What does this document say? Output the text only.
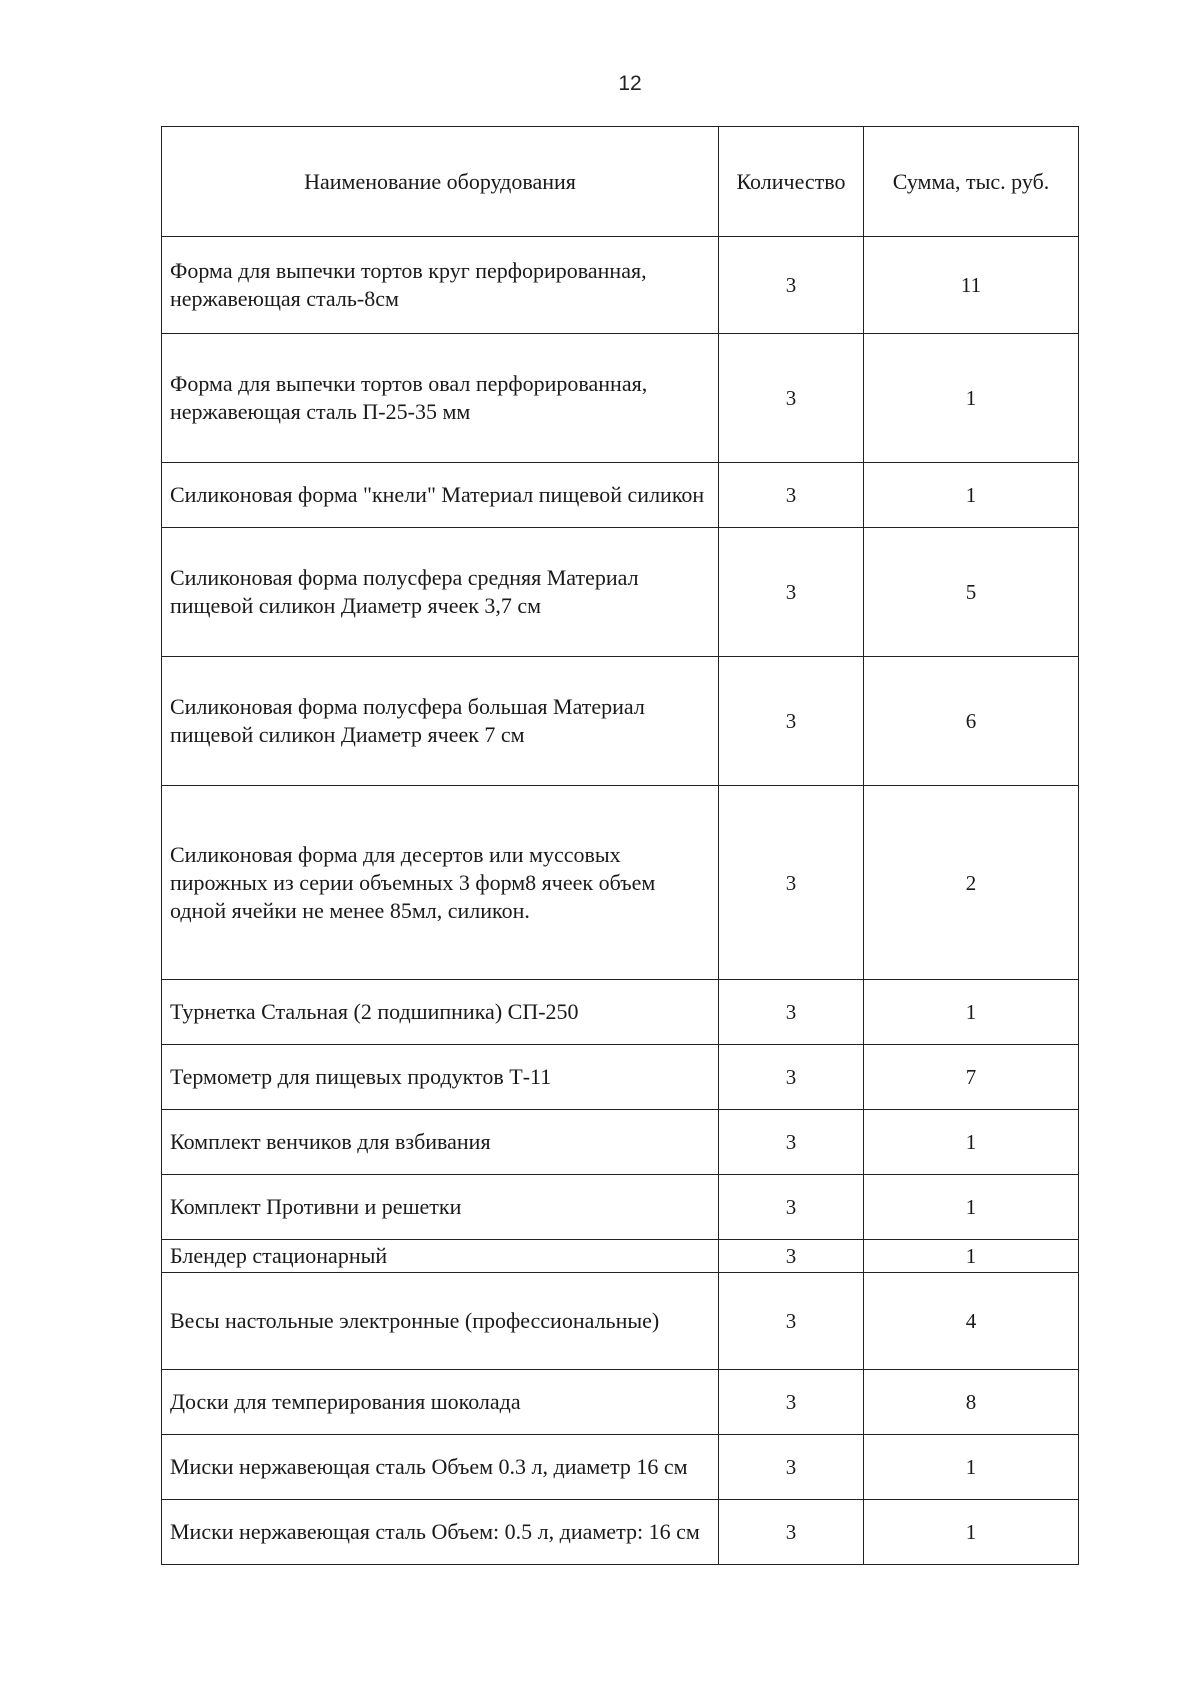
12
Наименование оборудования	Количество	Сумма, тыс. руб.
Форма для выпечки тортов круг перфорированная, нержавеющая сталь-8см	3	11
Форма для выпечки тортов овал перфорированная, нержавеющая сталь П-25-35 мм	3	1
Силиконовая форма "кнели" Материал пищевой силикон	3	1
Силиконовая форма полусфера средняя Материал пищевой силикон Диаметр ячеек 3,7 см	3	5
Силиконовая форма полусфера большая Материал пищевой силикон Диаметр ячеек 7 см	3	6
Силиконовая форма для десертов или муссовых пирожных из серии объемных 3 форм8 ячеек объем одной ячейки не менее 85мл, силикон.	3	2
Турнетка Стальная (2 подшипника) СП-250	3	1
Термометр для пищевых продуктов Т-11	3	7
Комплект венчиков для взбивания	3	1
Комплект Противни и решетки	3	1
Блендер стационарный	3	1
Весы настольные электронные (профессиональные)	3	4
Доски для темперирования шоколада	3	8
Миски нержавеющая сталь Объем 0.3 л, диаметр 16 см	3	1
Миски нержавеющая сталь Объем: 0.5 л, диаметр: 16 см	3	1
